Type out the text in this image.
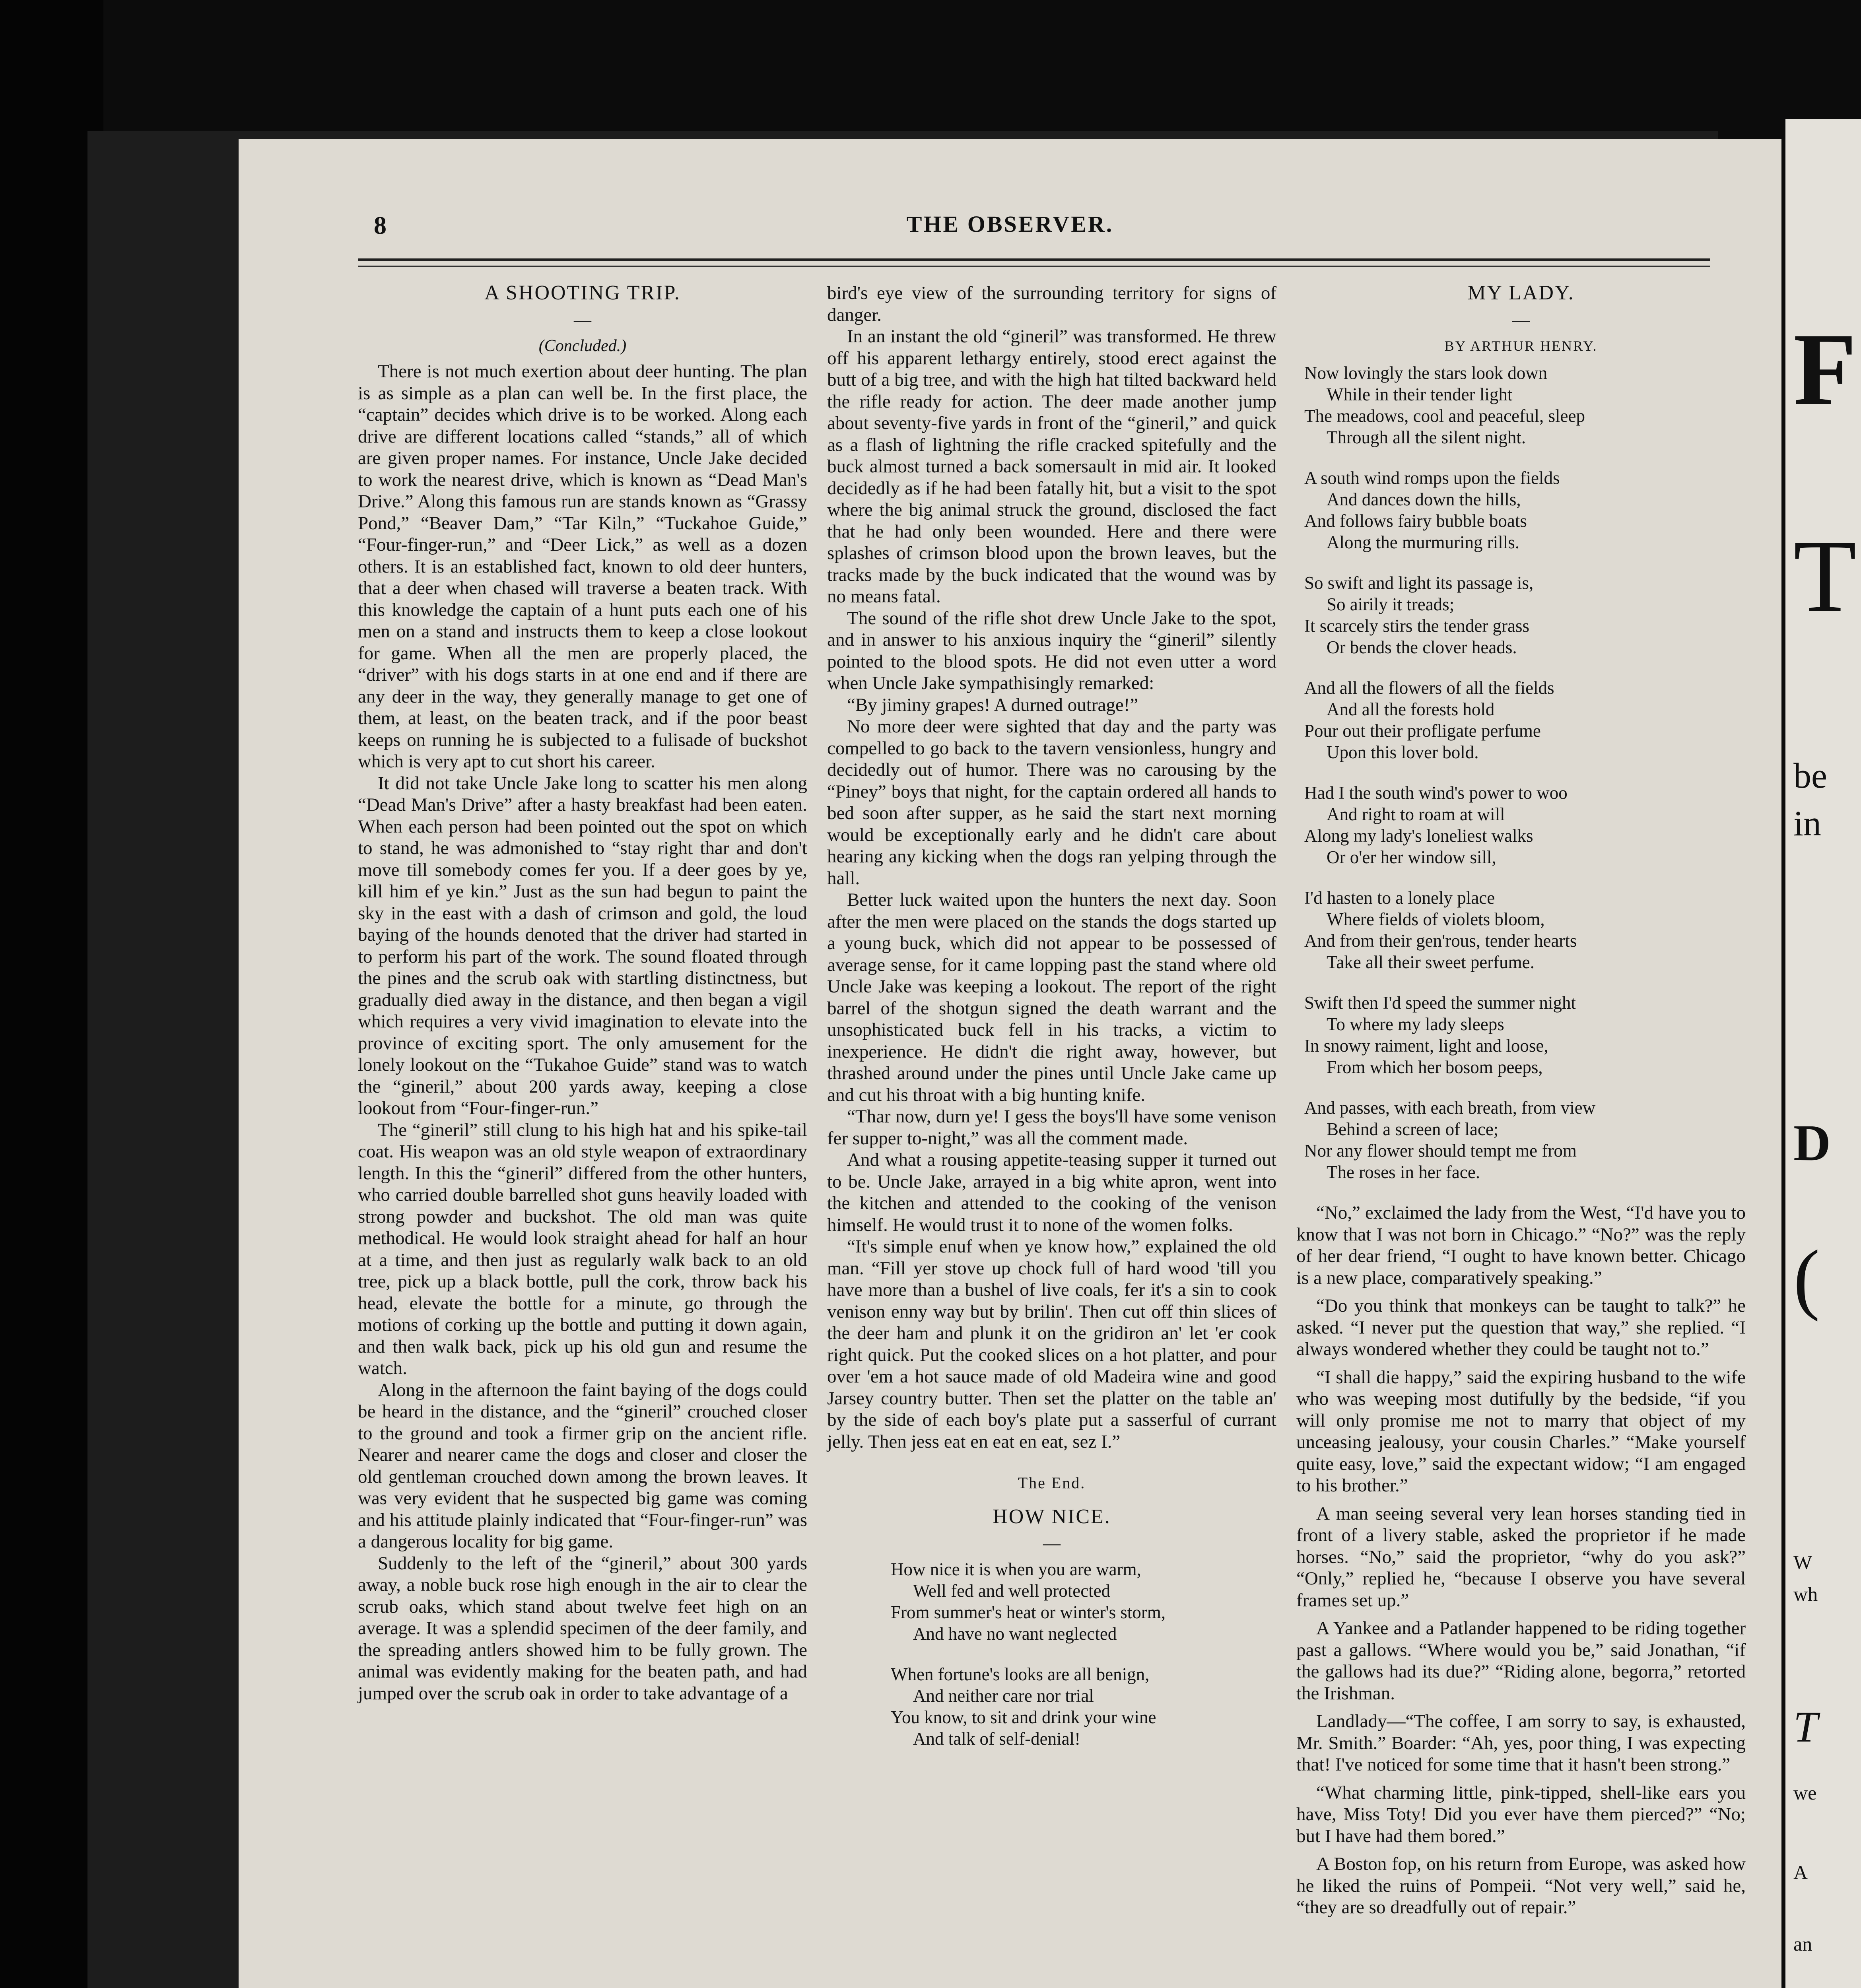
THE OBSERVER.
8
A SHOOTING TRIP.
—
(Concluded.)

There is not much exertion about deer hunting. The plan is as simple as a plan can well be. In the first place, the “captain” decides which drive is to be worked. Along each drive are different locations called “stands,” all of which are given proper names. For instance, Uncle Jake decided to work the nearest drive, which is known as “Dead Man's Drive.” Along this famous run are stands known as “Grassy Pond,” “Beaver Dam,” “Tar Kiln,” “Tuckahoe Guide,” “Four-finger-run,” and “Deer Lick,” as well as a dozen others. It is an established fact, known to old deer hunters, that a deer when chased will traverse a beaten track. With this knowledge the captain of a hunt puts each one of his men on a stand and instructs them to keep a close lookout for game. When all the men are properly placed, the “driver” with his dogs starts in at one end and if there are any deer in the way, they generally manage to get one of them, at least, on the beaten track, and if the poor beast keeps on running he is subjected to a fulisade of buckshot which is very apt to cut short his career.

It did not take Uncle Jake long to scatter his men along “Dead Man's Drive” after a hasty breakfast had been eaten. When each person had been pointed out the spot on which to stand, he was admonished to “stay right thar and don't move till somebody comes fer you. If a deer goes by ye, kill him ef ye kin.” Just as the sun had begun to paint the sky in the east with a dash of crimson and gold, the loud baying of the hounds denoted that the driver had started in to perform his part of the work. The sound floated through the pines and the scrub oak with startling distinctness, but gradually died away in the distance, and then began a vigil which requires a very vivid imagination to elevate into the province of exciting sport. The only amusement for the lonely lookout on the “Tukahoe Guide” stand was to watch the “gineril,” about 200 yards away, keeping a close lookout from “Four-finger-run.”

The “gineril” still clung to his high hat and his spike-tail coat. His weapon was an old style weapon of extraordinary length. In this the “gineril” differed from the other hunters, who carried double barrelled shot guns heavily loaded with strong powder and buckshot. The old man was quite methodical. He would look straight ahead for half an hour at a time, and then just as regularly walk back to an old tree, pick up a black bottle, pull the cork, throw back his head, elevate the bottle for a minute, go through the motions of corking up the bottle and putting it down again, and then walk back, pick up his old gun and resume the watch.

Along in the afternoon the faint baying of the dogs could be heard in the distance, and the “gineril” crouched closer to the ground and took a firmer grip on the ancient rifle. Nearer and nearer came the dogs and closer and closer the old gentleman crouched down among the brown leaves. It was very evident that he suspected big game was coming and his attitude plainly indicated that “Four-finger-run” was a dangerous locality for big game.

Suddenly to the left of the “gineril,” about 300 yards away, a noble buck rose high enough in the air to clear the scrub oaks, which stand about twelve feet high on an average. It was a splendid specimen of the deer family, and the spreading antlers showed him to be fully grown. The animal was evidently making for the beaten path, and had jumped over the scrub oak in order to take advantage of a

bird's eye view of the surrounding territory for signs of danger.

In an instant the old “gineril” was transformed. He threw off his apparent lethargy entirely, stood erect against the butt of a big tree, and with the high hat tilted backward held the rifle ready for action. The deer made another jump about seventy-five yards in front of the “gineril,” and quick as a flash of lightning the rifle cracked spitefully and the buck almost turned a back somersault in mid air. It looked decidedly as if he had been fatally hit, but a visit to the spot where the big animal struck the ground, disclosed the fact that he had only been wounded. Here and there were splashes of crimson blood upon the brown leaves, but the tracks made by the buck indicated that the wound was by no means fatal.

The sound of the rifle shot drew Uncle Jake to the spot, and in answer to his anxious inquiry the “gineril” silently pointed to the blood spots. He did not even utter a word when Uncle Jake sympathisingly remarked:

“By jiminy grapes! A durned outrage!”

No more deer were sighted that day and the party was compelled to go back to the tavern vensionless, hungry and decidedly out of humor. There was no carousing by the “Piney” boys that night, for the captain ordered all hands to bed soon after supper, as he said the start next morning would be exceptionally early and he didn't care about hearing any kicking when the dogs ran yelping through the hall.

Better luck waited upon the hunters the next day. Soon after the men were placed on the stands the dogs started up a young buck, which did not appear to be possessed of average sense, for it came lopping past the stand where old Uncle Jake was keeping a lookout. The report of the right barrel of the shotgun signed the death warrant and the unsophisticated buck fell in his tracks, a victim to inexperience. He didn't die right away, however, but thrashed around under the pines until Uncle Jake came up and cut his throat with a big hunting knife.

“Thar now, durn ye! I gess the boys'll have some venison fer supper to-night,” was all the comment made.

And what a rousing appetite-teasing supper it turned out to be. Uncle Jake, arrayed in a big white apron, went into the kitchen and attended to the cooking of the venison himself. He would trust it to none of the women folks.

“It's simple enuf when ye know how,” explained the old man. “Fill yer stove up chock full of hard wood 'till you have more than a bushel of live coals, fer it's a sin to cook venison enny way but by brilin'. Then cut off thin slices of the deer ham and plunk it on the gridiron an' let 'er cook right quick. Put the cooked slices on a hot platter, and pour over 'em a hot sauce made of old Madeira wine and good Jarsey country butter. Then set the platter on the table an' by the side of each boy's plate put a sasserful of currant jelly. Then jess eat en eat en eat, sez I.”

The End.
HOW NICE.
—
How nice it is when you are warm,
Well fed and well protected
From summer's heat or winter's storm,
And have no want neglected
When fortune's looks are all benign,
And neither care nor trial
You know, to sit and drink your wine
And talk of self-denial!
MY LADY.
—
BY ARTHUR HENRY.
Now lovingly the stars look down
While in their tender light
The meadows, cool and peaceful, sleep
Through all the silent night.
A south wind romps upon the fields
And dances down the hills,
And follows fairy bubble boats
Along the murmuring rills.
So swift and light its passage is,
So airily it treads;
It scarcely stirs the tender grass
Or bends the clover heads.
And all the flowers of all the fields
And all the forests hold
Pour out their profligate perfume
Upon this lover bold.
Had I the south wind's power to woo
And right to roam at will
Along my lady's loneliest walks
Or o'er her window sill,
I'd hasten to a lonely place
Where fields of violets bloom,
And from their gen'rous, tender hearts
Take all their sweet perfume.
Swift then I'd speed the summer night
To where my lady sleeps
In snowy raiment, light and loose,
From which her bosom peeps,
And passes, with each breath, from view
Behind a screen of lace;
Nor any flower should tempt me from
The roses in her face.

“No,” exclaimed the lady from the West, “I'd have you to know that I was not born in Chicago.” “No?” was the reply of her dear friend, “I ought to have known better. Chicago is a new place, comparatively speaking.”

“Do you think that monkeys can be taught to talk?” he asked. “I never put the question that way,” she replied. “I always wondered whether they could be taught not to.”

“I shall die happy,” said the expiring husband to the wife who was weeping most dutifully by the bedside, “if you will only promise me not to marry that object of my unceasing jealousy, your cousin Charles.” “Make yourself quite easy, love,” said the expectant widow; “I am engaged to his brother.”

A man seeing several very lean horses standing tied in front of a livery stable, asked the proprietor if he made horses. “No,” said the proprietor, “why do you ask?” “Only,” replied he, “because I observe you have several frames set up.”

A Yankee and a Patlander happened to be riding together past a gallows. “Where would you be,” said Jonathan, “if the gallows had its due?” “Riding alone, begorra,” retorted the Irishman.

Landlady—“The coffee, I am sorry to say, is exhausted, Mr. Smith.” Boarder: “Ah, yes, poor thing, I was expecting that! I've noticed for some time that it hasn't been strong.”

“What charming little, pink-tipped, shell-like ears you have, Miss Toty! Did you ever have them pierced?” “No; but I have had them bored.”

A Boston fop, on his return from Europe, was asked how he liked the ruins of Pompeii. “Not very well,” said he, “they are so dreadfully out of repair.”

F
T
be
in
D
(
W
wh
T
we
A
an
